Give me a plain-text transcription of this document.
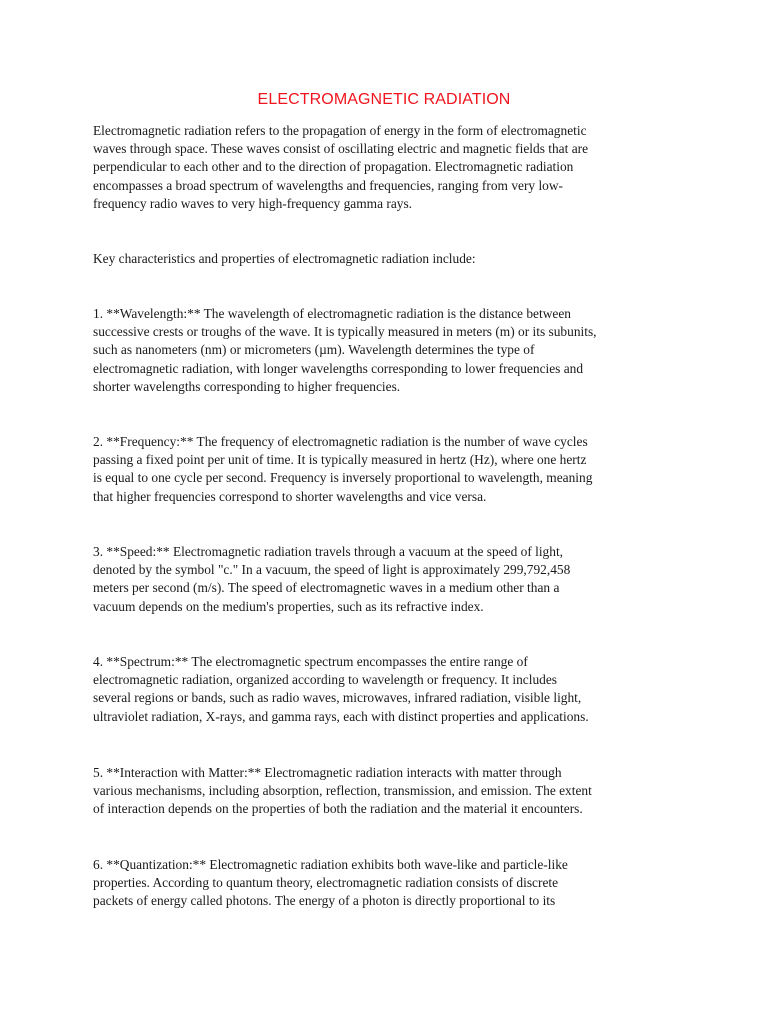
ELECTROMAGNETIC RADIATION
Electromagnetic radiation refers to the propagation of energy in the form of electromagnetic
waves through space. These waves consist of oscillating electric and magnetic fields that are
perpendicular to each other and to the direction of propagation. Electromagnetic radiation
encompasses a broad spectrum of wavelengths and frequencies, ranging from very low-
frequency radio waves to very high-frequency gamma rays.
Key characteristics and properties of electromagnetic radiation include:
1. **Wavelength:** The wavelength of electromagnetic radiation is the distance between
successive crests or troughs of the wave. It is typically measured in meters (m) or its subunits,
such as nanometers (nm) or micrometers (µm). Wavelength determines the type of
electromagnetic radiation, with longer wavelengths corresponding to lower frequencies and
shorter wavelengths corresponding to higher frequencies.
2. **Frequency:** The frequency of electromagnetic radiation is the number of wave cycles
passing a fixed point per unit of time. It is typically measured in hertz (Hz), where one hertz
is equal to one cycle per second. Frequency is inversely proportional to wavelength, meaning
that higher frequencies correspond to shorter wavelengths and vice versa.
3. **Speed:** Electromagnetic radiation travels through a vacuum at the speed of light,
denoted by the symbol "c." In a vacuum, the speed of light is approximately 299,792,458
meters per second (m/s). The speed of electromagnetic waves in a medium other than a
vacuum depends on the medium's properties, such as its refractive index.
4. **Spectrum:** The electromagnetic spectrum encompasses the entire range of
electromagnetic radiation, organized according to wavelength or frequency. It includes
several regions or bands, such as radio waves, microwaves, infrared radiation, visible light,
ultraviolet radiation, X-rays, and gamma rays, each with distinct properties and applications.
5. **Interaction with Matter:** Electromagnetic radiation interacts with matter through
various mechanisms, including absorption, reflection, transmission, and emission. The extent
of interaction depends on the properties of both the radiation and the material it encounters.
6. **Quantization:** Electromagnetic radiation exhibits both wave-like and particle-like
properties. According to quantum theory, electromagnetic radiation consists of discrete
packets of energy called photons. The energy of a photon is directly proportional to its
